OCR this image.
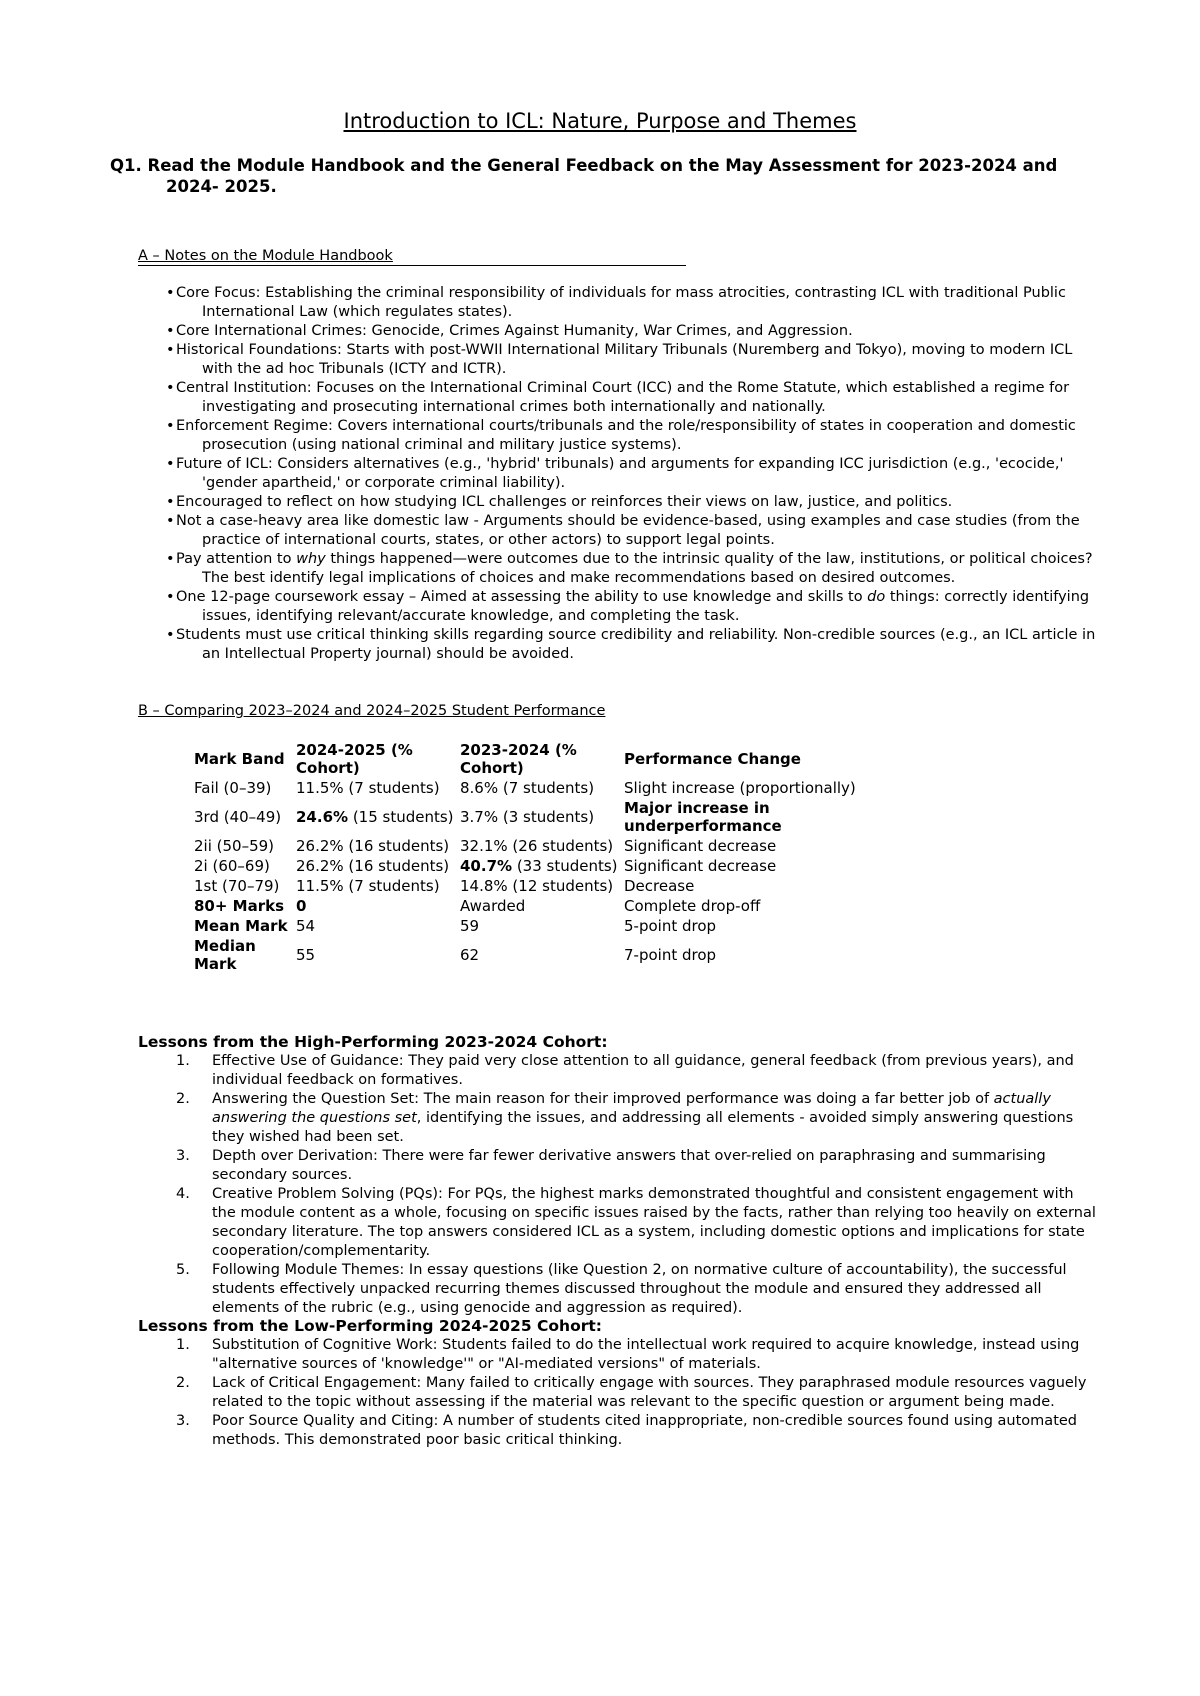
Introduction to ICL: Nature, Purpose and Themes
Q1. Read the Module Handbook and the General Feedback on the May Assessment for 2023-2024 and
2024- 2025.
A – Notes on the Module Handbook
•Core Focus: Establishing the criminal responsibility of individuals for mass atrocities, contrasting ICL with traditional Public International Law (which regulates states).
•Core International Crimes: Genocide, Crimes Against Humanity, War Crimes, and Aggression.
•Historical Foundations: Starts with post-WWII International Military Tribunals (Nuremberg and Tokyo), moving to modern ICL with the ad hoc Tribunals (ICTY and ICTR).
•Central Institution: Focuses on the International Criminal Court (ICC) and the Rome Statute, which established a regime for investigating and prosecuting international crimes both internationally and nationally.
•Enforcement Regime: Covers international courts/tribunals and the role/responsibility of states in cooperation and domestic prosecution (using national criminal and military justice systems).
•Future of ICL: Considers alternatives (e.g., 'hybrid' tribunals) and arguments for expanding ICC jurisdiction (e.g., 'ecocide,' 'gender apartheid,' or corporate criminal liability).
•Encouraged to reflect on how studying ICL challenges or reinforces their views on law, justice, and politics.
•Not a case-heavy area like domestic law - Arguments should be evidence-based, using examples and case studies (from the practice of international courts, states, or other actors) to support legal points.
•Pay attention to why things happened—were outcomes due to the intrinsic quality of the law, institutions, or political choices? The best identify legal implications of choices and make recommendations based on desired outcomes.
•One 12-page coursework essay – Aimed at assessing the ability to use knowledge and skills to do things: correctly identifying issues, identifying relevant/accurate knowledge, and completing the task.
•Students must use critical thinking skills regarding source credibility and reliability. Non-credible sources (e.g., an ICL article in an Intellectual Property journal) should be avoided.
B – Comparing 2023–2024 and 2024–2025 Student Performance
Mark Band	2024-2025 (% Cohort)	2023-2024 (% Cohort)	Performance Change
Fail (0–39)	11.5% (7 students)	8.6% (7 students)	Slight increase (proportionally)
3rd (40–49)	24.6% (15 students)	3.7% (3 students)	Major increase in underperformance
2ii (50–59)	26.2% (16 students)	32.1% (26 students)	Significant decrease
2i (60–69)	26.2% (16 students)	40.7% (33 students)	Significant decrease
1st (70–79)	11.5% (7 students)	14.8% (12 students)	Decrease
80+ Marks	0	Awarded	Complete drop-off
Mean Mark	54	59	5-point drop
Median Mark	55	62	7-point drop
Lessons from the High-Performing 2023-2024 Cohort:
1. Effective Use of Guidance: They paid very close attention to all guidance, general feedback (from previous years), and individual feedback on formatives.
2. Answering the Question Set: The main reason for their improved performance was doing a far better job of actually answering the questions set, identifying the issues, and addressing all elements - avoided simply answering questions they wished had been set.
3. Depth over Derivation: There were far fewer derivative answers that over-relied on paraphrasing and summarising secondary sources.
4. Creative Problem Solving (PQs): For PQs, the highest marks demonstrated thoughtful and consistent engagement with the module content as a whole, focusing on specific issues raised by the facts, rather than relying too heavily on external secondary literature. The top answers considered ICL as a system, including domestic options and implications for state cooperation/complementarity.
5. Following Module Themes: In essay questions (like Question 2, on normative culture of accountability), the successful students effectively unpacked recurring themes discussed throughout the module and ensured they addressed all elements of the rubric (e.g., using genocide and aggression as required).
Lessons from the Low-Performing 2024-2025 Cohort:
1. Substitution of Cognitive Work: Students failed to do the intellectual work required to acquire knowledge, instead using "alternative sources of 'knowledge'" or "AI-mediated versions" of materials.
2. Lack of Critical Engagement: Many failed to critically engage with sources. They paraphrased module resources vaguely related to the topic without assessing if the material was relevant to the specific question or argument being made.
3. Poor Source Quality and Citing: A number of students cited inappropriate, non-credible sources found using automated methods. This demonstrated poor basic critical thinking.
